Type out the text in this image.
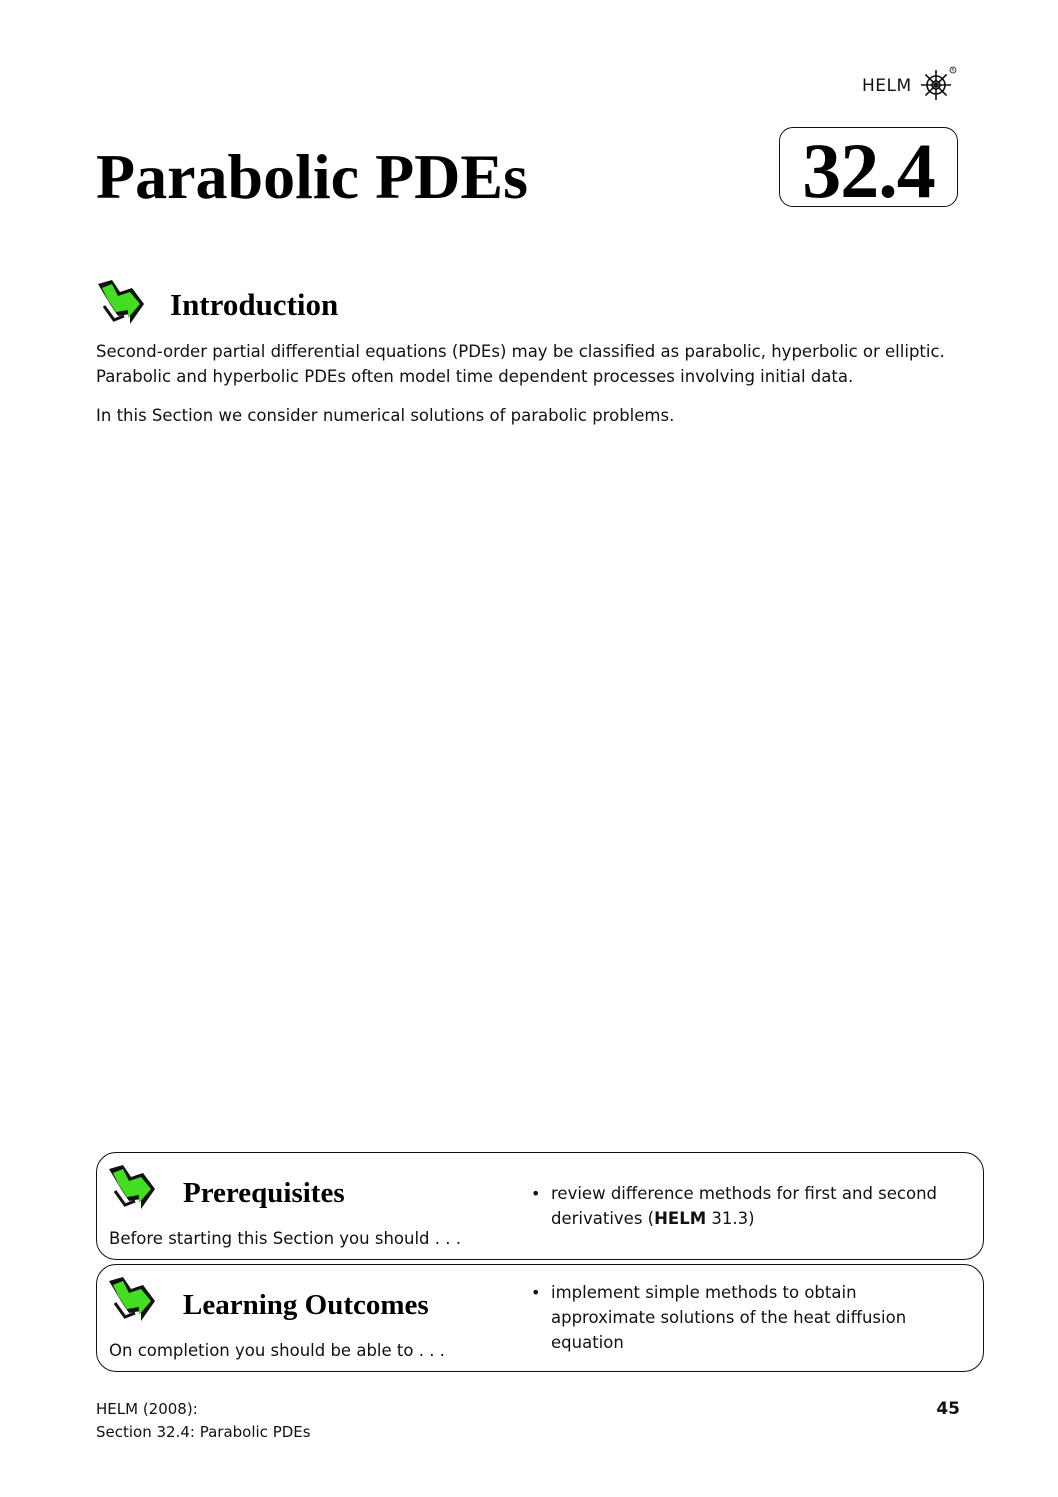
HELM
R
Parabolic PDEs	32.4
Introduction

Second-order partial differential equations (PDEs) may be classified as parabolic, hyperbolic or elliptic.

Parabolic and hyperbolic PDEs often model time dependent processes involving initial data.

In this Section we consider numerical solutions of parabolic problems.

Prerequisites
Before starting this Section you should . . .
• review difference methods for first and second
derivatives (HELM 31.3)
Learning Outcomes
On completion you should be able to . . .
• implement simple methods to obtain
approximate solutions of the heat diffusion
equation
HELM (2008):
Section 32.4: Parabolic PDEs
45
